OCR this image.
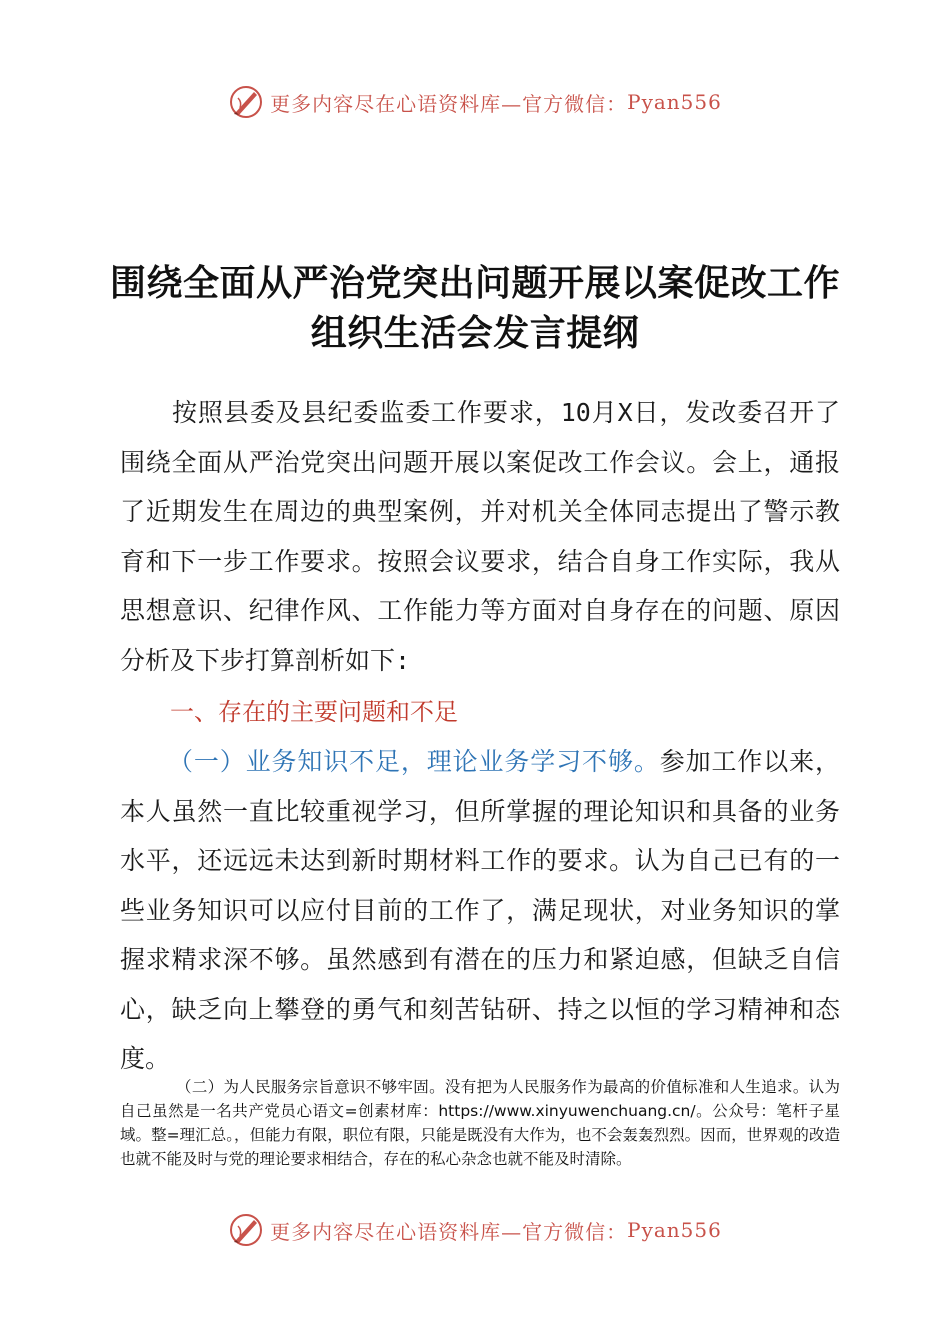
更多内容尽在心语资料库—官方微信： Pyan556
围绕全面从严治党突出问题开展以案促改工作
组织生活会发言提纲
按照县委及县纪委监委工作要求，10月X日，发改委召开了围绕全面从严治党突出问题开展以案促改工作会议。会上，通报了近期发生在周边的典型案例，并对机关全体同志提出了警示教育和下一步工作要求。按照会议要求，结合自身工作实际，我从思想意识、纪律作风、工作能力等方面对自身存在的问题、原因分析及下步打算剖析如下:
一、存在的主要问题和不足
（一）业务知识不足，理论业务学习不够。参加工作以来，本人虽然一直比较重视学习，但所掌握的理论知识和具备的业务水平，还远远未达到新时期材料工作的要求。认为自己已有的一些业务知识可以应付目前的工作了，满足现状，对业务知识的掌握求精求深不够。虽然感到有潜在的压力和紧迫感，但缺乏自信心，缺乏向上攀登的勇气和刻苦钻研、持之以恒的学习精神和态度。
（二）为人民服务宗旨意识不够牢固。没有把为人民服务作为最高的价值标准和人生追求。认为自己虽然是一名共产党员心语文=创素材库：https://www.xinyuwenchuang.cn/。公众号：笔杆子星域。整=理汇总。，但能力有限，职位有限，只能是既没有大作为，也不会轰轰烈烈。因而，世界观的改造也就不能及时与党的理论要求相结合，存在的私心杂念也就不能及时清除。
更多内容尽在心语资料库—官方微信： Pyan556
